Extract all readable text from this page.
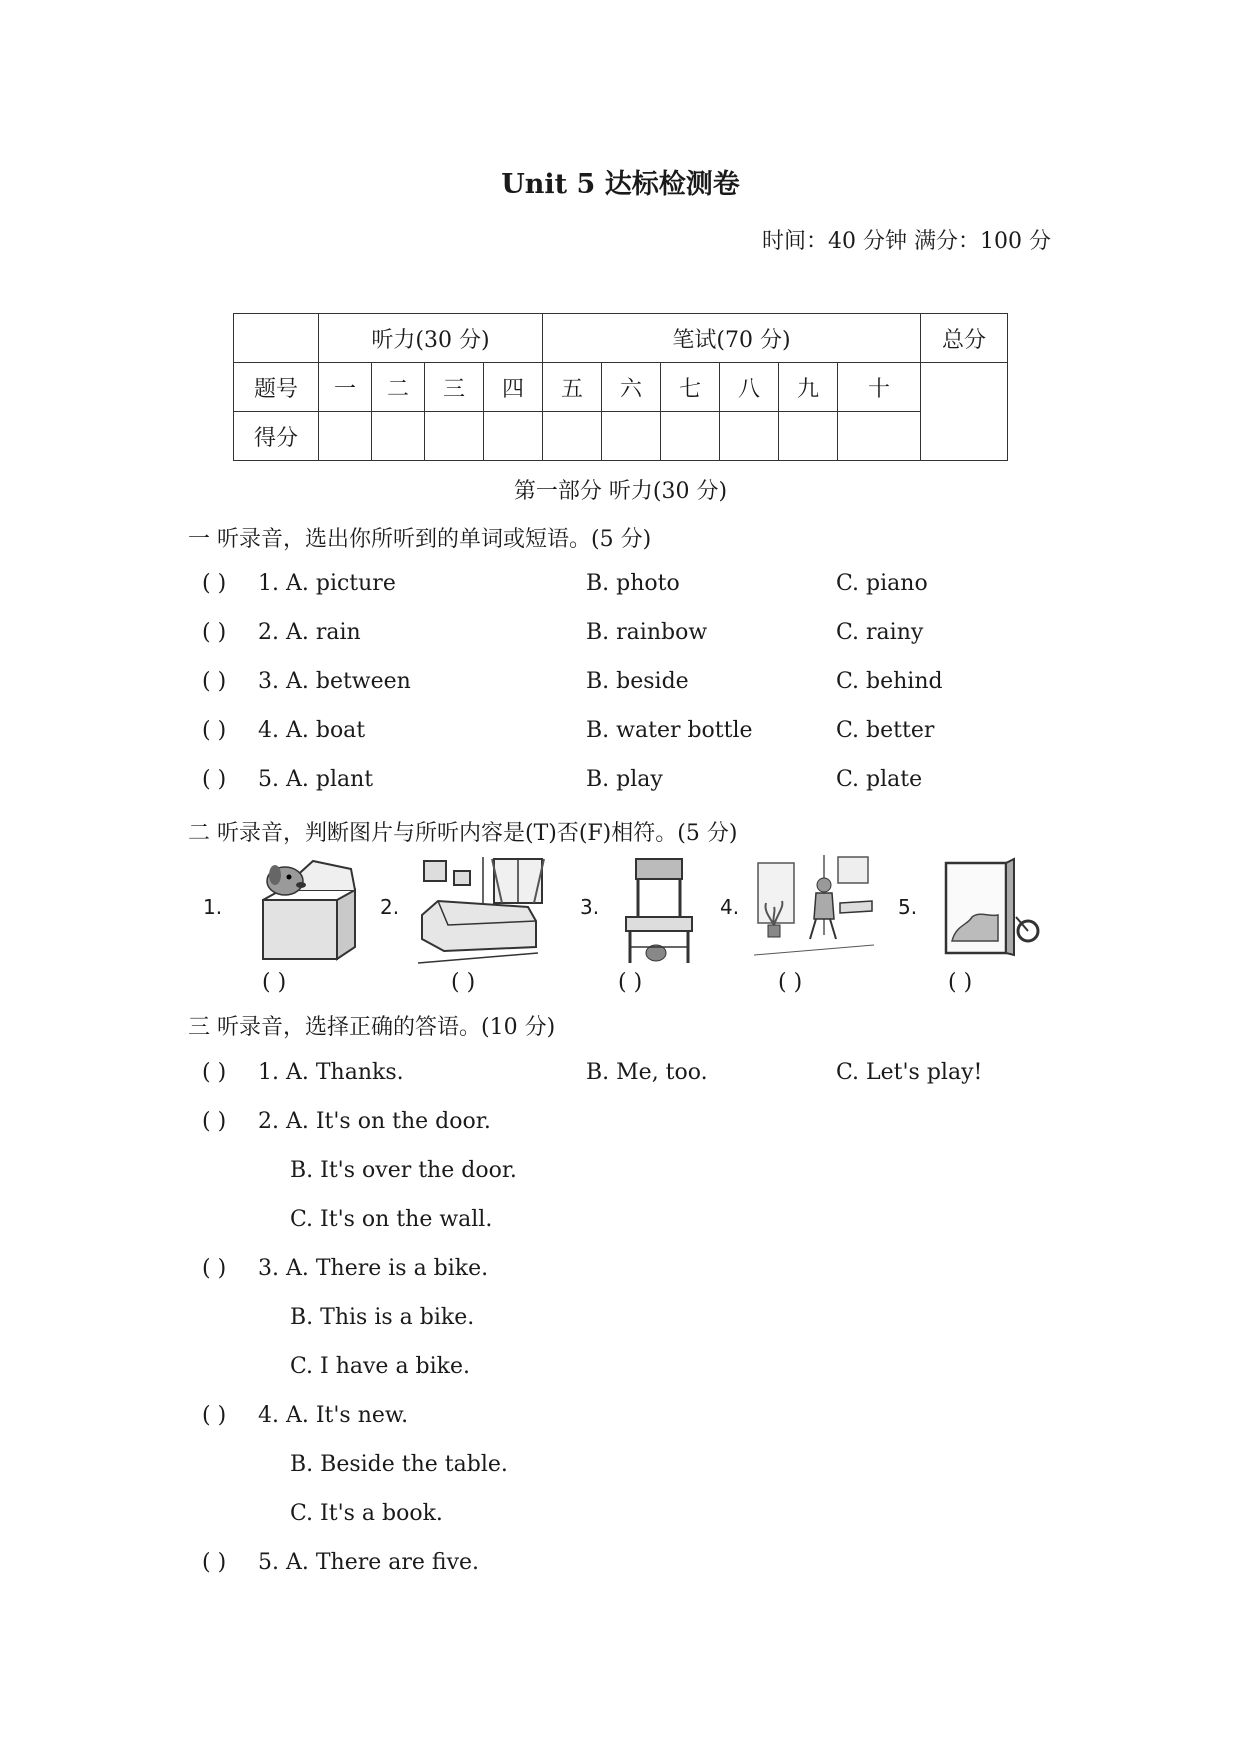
Unit 5 达标检测卷
时间：40 分钟 满分：100 分
	听力(30 分)				笔试(70 分)						总分
题号	一	二	三	四	五	六	七	八	九	十	
得分											
第一部分 听力(30 分)
一 听录音，选出你所听到的单词或短语。(5 分)
( ) 1. A. picture	B. photo	C. piano
( ) 2. A. rain	B. rainbow	C. rainy
( ) 3. A. between	B. beside	C. behind
( ) 4. A. boat	B. water bottle	C. better
( ) 5. A. plant	B. play	C. plate
二 听录音，判断图片与所听内容是(T)否(F)相符。(5 分)
1.	2.	3.	4.	5.
( )	( )	( )	( )	( )
三 听录音，选择正确的答语。(10 分)
( ) 1. A. Thanks.	B. Me, too.	C. Let's play!
( ) 2. A. It's on the door.
B. It's over the door.
C. It's on the wall.
( ) 3. A. There is a bike.
B. This is a bike.
C. I have a bike.
( ) 4. A. It's new.
B. Beside the table.
C. It's a book.
( ) 5. A. There are five.
